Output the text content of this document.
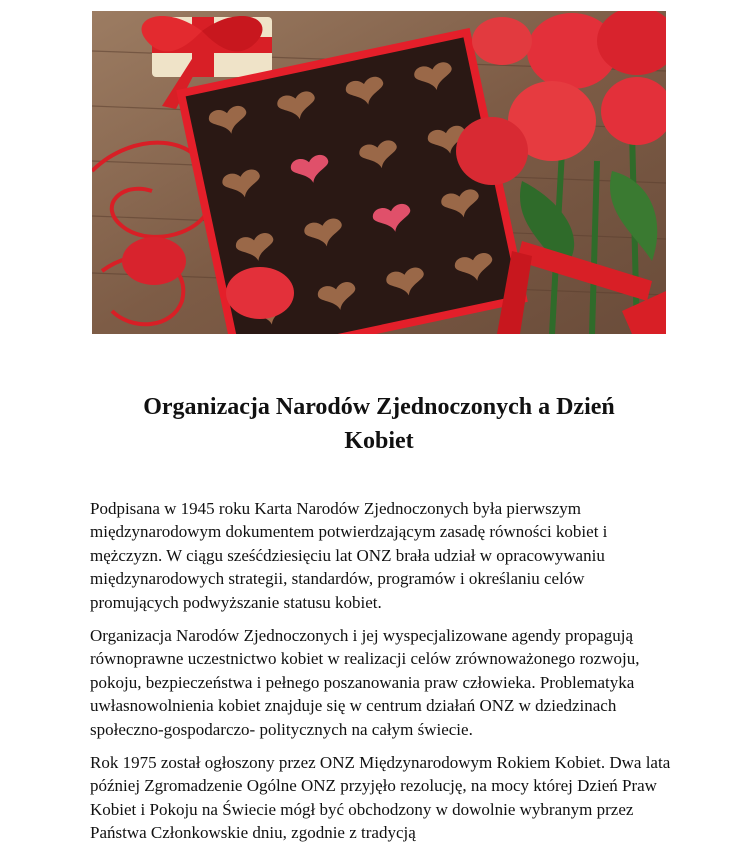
Organizacja Narodów Zjednoczonych a Dzień
Kobiet

Podpisana w 1945 roku Karta Narodów Zjednoczonych była pierwszym międzynarodowym dokumentem potwierdzającym zasadę równości kobiet i mężczyzn. W ciągu sześćdziesięciu lat ONZ brała udział w opracowywaniu międzynarodowych strategii, standardów, programów i określaniu celów promujących podwyższanie statusu kobiet.

Organizacja Narodów Zjednoczonych i jej wyspecjalizowane agendy propagują równoprawne uczestnictwo kobiet w realizacji celów zrównoważonego rozwoju, pokoju, bezpieczeństwa i pełnego poszanowania praw człowieka. Problematyka uwłasnowolnienia kobiet znajduje się w centrum działań ONZ w dziedzinach społeczno-gospodarczo- politycznych na całym świecie.

Rok 1975 został ogłoszony przez ONZ Międzynarodowym Rokiem Kobiet. Dwa lata później Zgromadzenie Ogólne ONZ przyjęło rezolucję, na mocy której Dzień Praw Kobiet i Pokoju na Świecie mógł być obchodzony w dowolnie wybranym przez Państwa Członkowskie dniu, zgodnie z tradycją
